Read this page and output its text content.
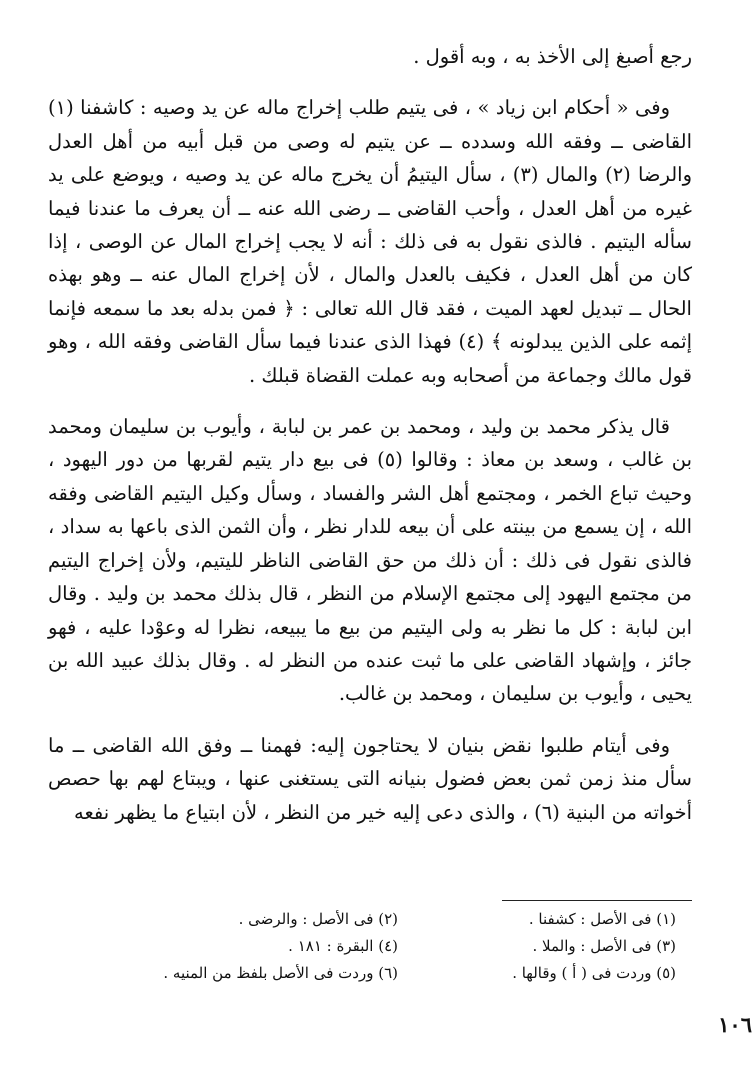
رجع أصبغ إلى الأخذ به ، وبه أقول .

وفى « أحكام ابن زياد » ، فى يتيم طلب إخراج ماله عن يد وصيه : كاشفنا (١) القاضى ــ وفقه الله وسدده ــ عن يتيم له وصى من قبل أبيه من أهل العدل والرضا (٢) والمال (٣) ، سأل اليتيمُ أن يخرج ماله عن يد وصيه ، ويوضع على يد غيره من أهل العدل ، وأحب القاضى ــ رضى الله عنه ــ أن يعرف ما عندنا فيما سأله اليتيم . فالذى نقول به فى ذلك : أنه لا يجب إخراج المال عن الوصى ، إذا كان من أهل العدل ، فكيف بالعدل والمال ، لأن إخراج المال عنه ــ وهو بهذه الحال ــ تبديل لعهد الميت ، فقد قال الله تعالى : ﴿ فمن بدله بعد ما سمعه فإنما إثمه على الذين يبدلونه ﴾ (٤) فهذا الذى عندنا فيما سأل القاضى وفقه الله ، وهو قول مالك وجماعة من أصحابه وبه عملت القضاة قبلك .

قال يذكر محمد بن وليد ، ومحمد بن عمر بن لبابة ، وأيوب بن سليمان ومحمد بن غالب ، وسعد بن معاذ : وقالوا (٥) فى بيع دار يتيم لقربها من دور اليهود ، وحيث تباع الخمر ، ومجتمع أهل الشر والفساد ، وسأل وكيل اليتيم القاضى وفقه الله ، إن يسمع من بينته على أن بيعه للدار نظر ، وأن الثمن الذى باعها به سداد ، فالذى نقول فى ذلك : أن ذلك من حق القاضى الناظر لليتيم، ولأن إخراج اليتيم من مجتمع اليهود إلى مجتمع الإسلام من النظر ، قال بذلك محمد بن وليد . وقال ابن لبابة : كل ما نظر به ولى اليتيم من بيع ما يبيعه، نظرا له وعوْدا عليه ، فهو جائز ، وإشهاد القاضى على ما ثبت عنده من النظر له . وقال بذلك عبيد الله بن يحيى ، وأيوب بن سليمان ، ومحمد بن غالب.

وفى أيتام طلبوا نقض بنيان لا يحتاجون إليه: فهمنا ــ وفق الله القاضى ــ ما سأل منذ زمن ثمن بعض فضول بنيانه التى يستغنى عنها ، ويبتاع لهم بها حصص أخواته من البنية (٦) ، والذى دعى إليه خير من النظر ، لأن ابتياع ما يظهر نفعه

(١) فى الأصل : كشفنا .
(٢) فى الأصل : والرضى .
(٣) فى الأصل : والملا .
(٤) البقرة : ١٨١ .
(٥) وردت فى ( أ ) وقالها .
(٦) وردت فى الأصل بلفظ من المنيه .
١٠٦
